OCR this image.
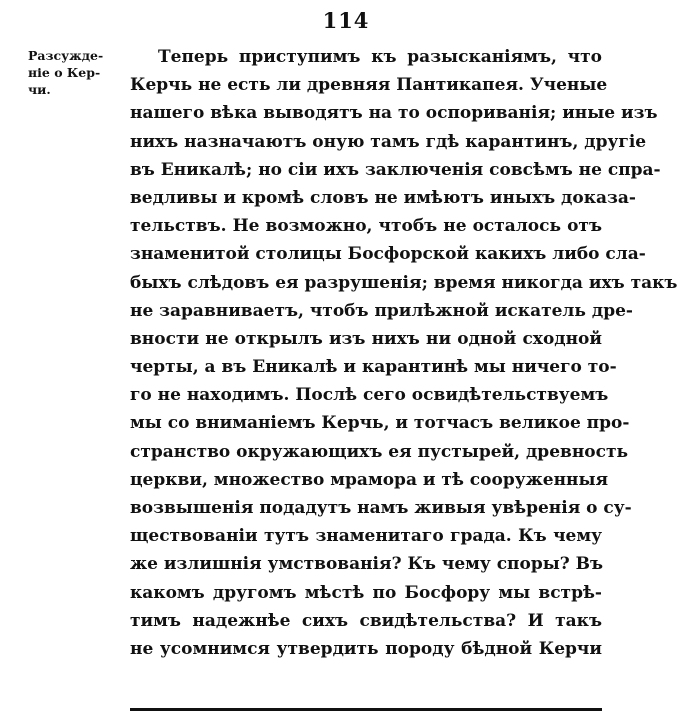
114
Разсужде-
ніе о Кер-
чи.
Теперь приступимъ къ разысканіямъ, что
Керчь не есть ли древняя Пантикапея. Ученые
нашего вѣка выводятъ на то оспориванія; иные изъ
нихъ назначаютъ оную тамъ гдѣ карантинъ, другіе
въ Еникалѣ; но сіи ихъ заключенія совсѣмъ не спра-
ведливы и кромѣ словъ не имѣютъ иныхъ доказа-
тельствъ. Не возможно, чтобъ не осталось отъ
знаменитой столицы Босфорской какихъ либо сла-
быхъ слѣдовъ ея разрушенія; время никогда ихъ такъ
не заравниваетъ, чтобъ прилѣжной искатель дре-
вности не открылъ изъ нихъ ни одной сходной
черты, а въ Еникалѣ и карантинѣ мы ничего то-
го не находимъ. Послѣ сего освидѣтельствуемъ
мы со вниманіемъ Керчь, и тотчасъ великое про-
странство окружающихъ ея пустырей, древность
церкви, множество мрамора и тѣ сооруженныя
возвышенія подадутъ намъ живыя увѣренія о су-
ществованіи тутъ знаменитаго града. Къ чему
же излишнія умствованія? Къ чему споры? Въ
какомъ другомъ мѣстѣ по Босфору мы встрѣ-
тимъ надежнѣе сихъ свидѣтельства? И такъ
не усомнимся утвердить породу бѣдной Керчи
